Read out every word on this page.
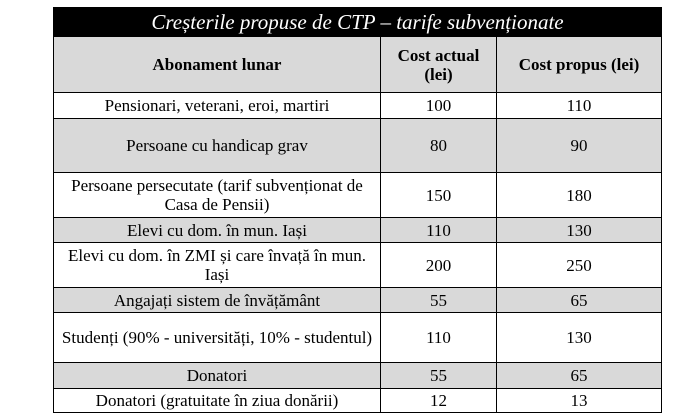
Creșterile propuse de CTP – tarife subvenționate		
Abonament lunar	Cost actual (lei)	Cost propus (lei)
Pensionari, veterani, eroi, martiri	100	110
Persoane cu handicap grav	80	90
Persoane persecutate (tarif subvenționat de Casa de Pensii)	150	180
Elevi cu dom. în mun. Iași	110	130
Elevi cu dom. în ZMI și care învață în mun. Iași	200	250
Angajați sistem de învățământ	55	65
Studenți (90% - universități, 10% - studentul)	110	130
Donatori	55	65
Donatori (gratuitate în ziua donării)	12	13
